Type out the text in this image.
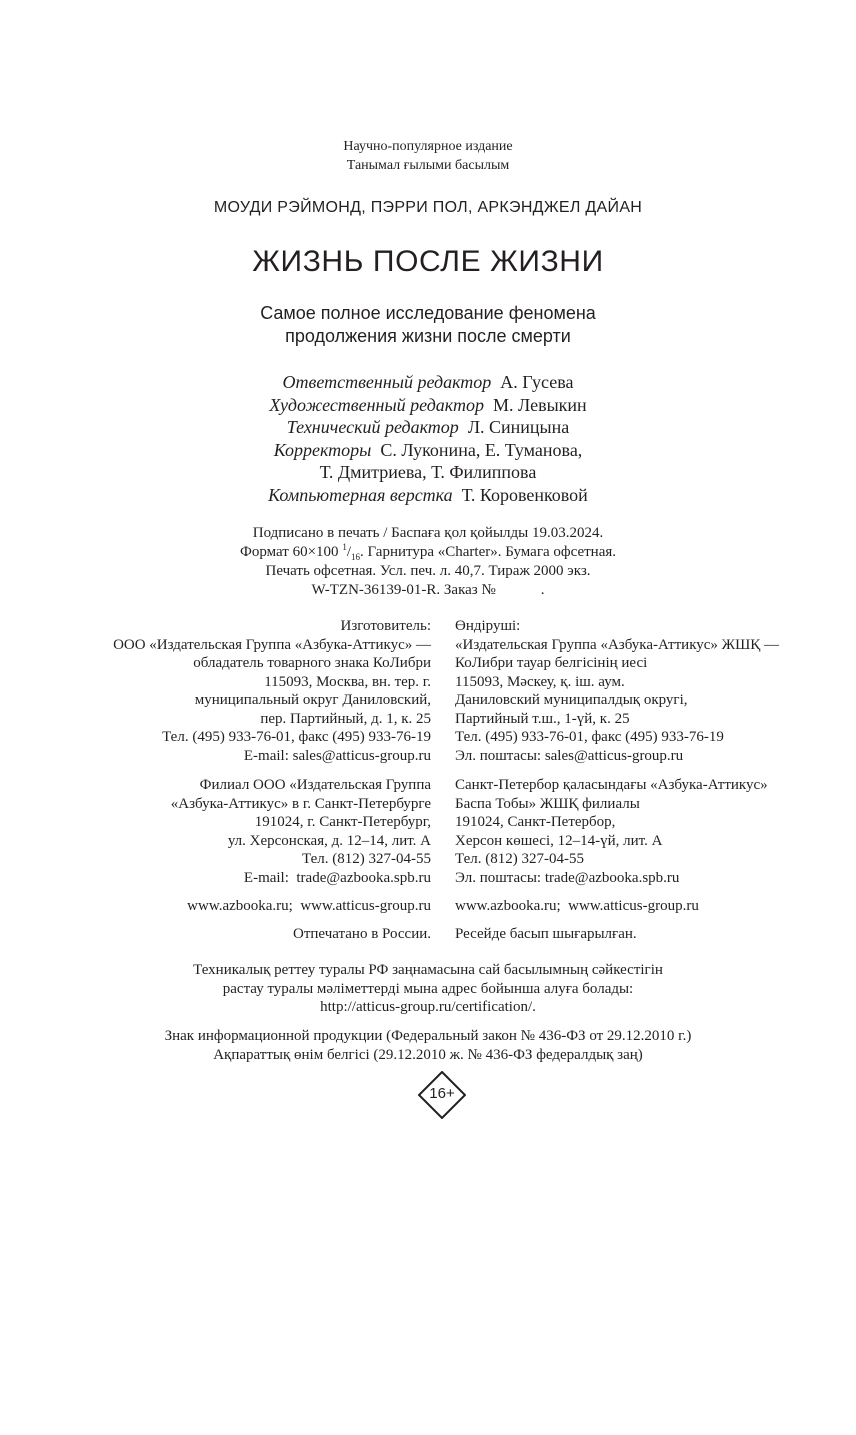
Научно-популярное издание
Танымал ғылыми басылым
МОУДИ РЭЙМОНД, ПЭРРИ ПОЛ, АРКЭНДЖЕЛ ДАЙАН
ЖИЗНЬ ПОСЛЕ ЖИЗНИ
Самое полное исследование феномена
продолжения жизни после смерти
Ответственный редактор А. Гусева
Художественный редактор М. Левыкин
Технический редактор Л. Синицына
Корректоры С. Луконина, Е. Туманова,
Т. Дмитриева, Т. Филиппова
Компьютерная верстка Т. Коровенковой
Подписано в печать / Баспаға қол қойылды 19.03.2024.
Формат 60×100 $^1/_{16}$. Гарнитура «Charter». Бумага офсетная.
Печать офсетная. Усл. печ. л. 40,7. Тираж 2000 экз.
W-TZN-36139-01-R. Заказ №            .
Изготовитель:
ООО «Издательская Группа «Азбука-Аттикус» —
обладатель товарного знака КоЛибри
115093, Москва, вн. тер. г.
муниципальный округ Даниловский,
пер. Партийный, д. 1, к. 25
Тел. (495) 933-76-01, факс (495) 933-76-19
E-mail: sales@atticus-group.ru
Өндіруші:
«Издательская Группа «Азбука-Аттикус» ЖШҚ —
КоЛибри тауар белгісінің иесі
115093, Мәскеу, қ. іш. аум.
Даниловский муниципалдық округі,
Партийный т.ш., 1-үй, к. 25
Тел. (495) 933-76-01, факс (495) 933-76-19
Эл. поштасы: sales@atticus-group.ru
Филиал ООО «Издательская Группа
«Азбука-Аттикус» в г. Санкт-Петербурге
191024, г. Санкт-Петербург,
ул. Херсонская, д. 12–14, лит. А
Тел. (812) 327-04-55
E-mail:  trade@azbooka.spb.ru
Санкт-Петербор қаласындағы «Азбука-Аттикус»
Баспа Тобы» ЖШҚ филиалы
191024, Санкт-Петербор,
Херсон көшесі, 12–14-үй, лит. А
Тел. (812) 327-04-55
Эл. поштасы: trade@azbooka.spb.ru
www.azbooka.ru;  www.atticus-group.ru www.azbooka.ru;  www.atticus-group.ru
Отпечатано в России. Ресейде басып шығарылған.
Техникалық реттеу туралы РФ заңнамасына сай басылымның сәйкестігін
растау туралы мәліметтерді мына адрес бойынша алуға болады:
http://atticus-group.ru/certification/.
Знак информационной продукции (Федеральный закон № 436-ФЗ от 29.12.2010 г.)
Ақпараттық өнім белгісі (29.12.2010 ж. № 436-ФЗ федералдық заң)
16+
